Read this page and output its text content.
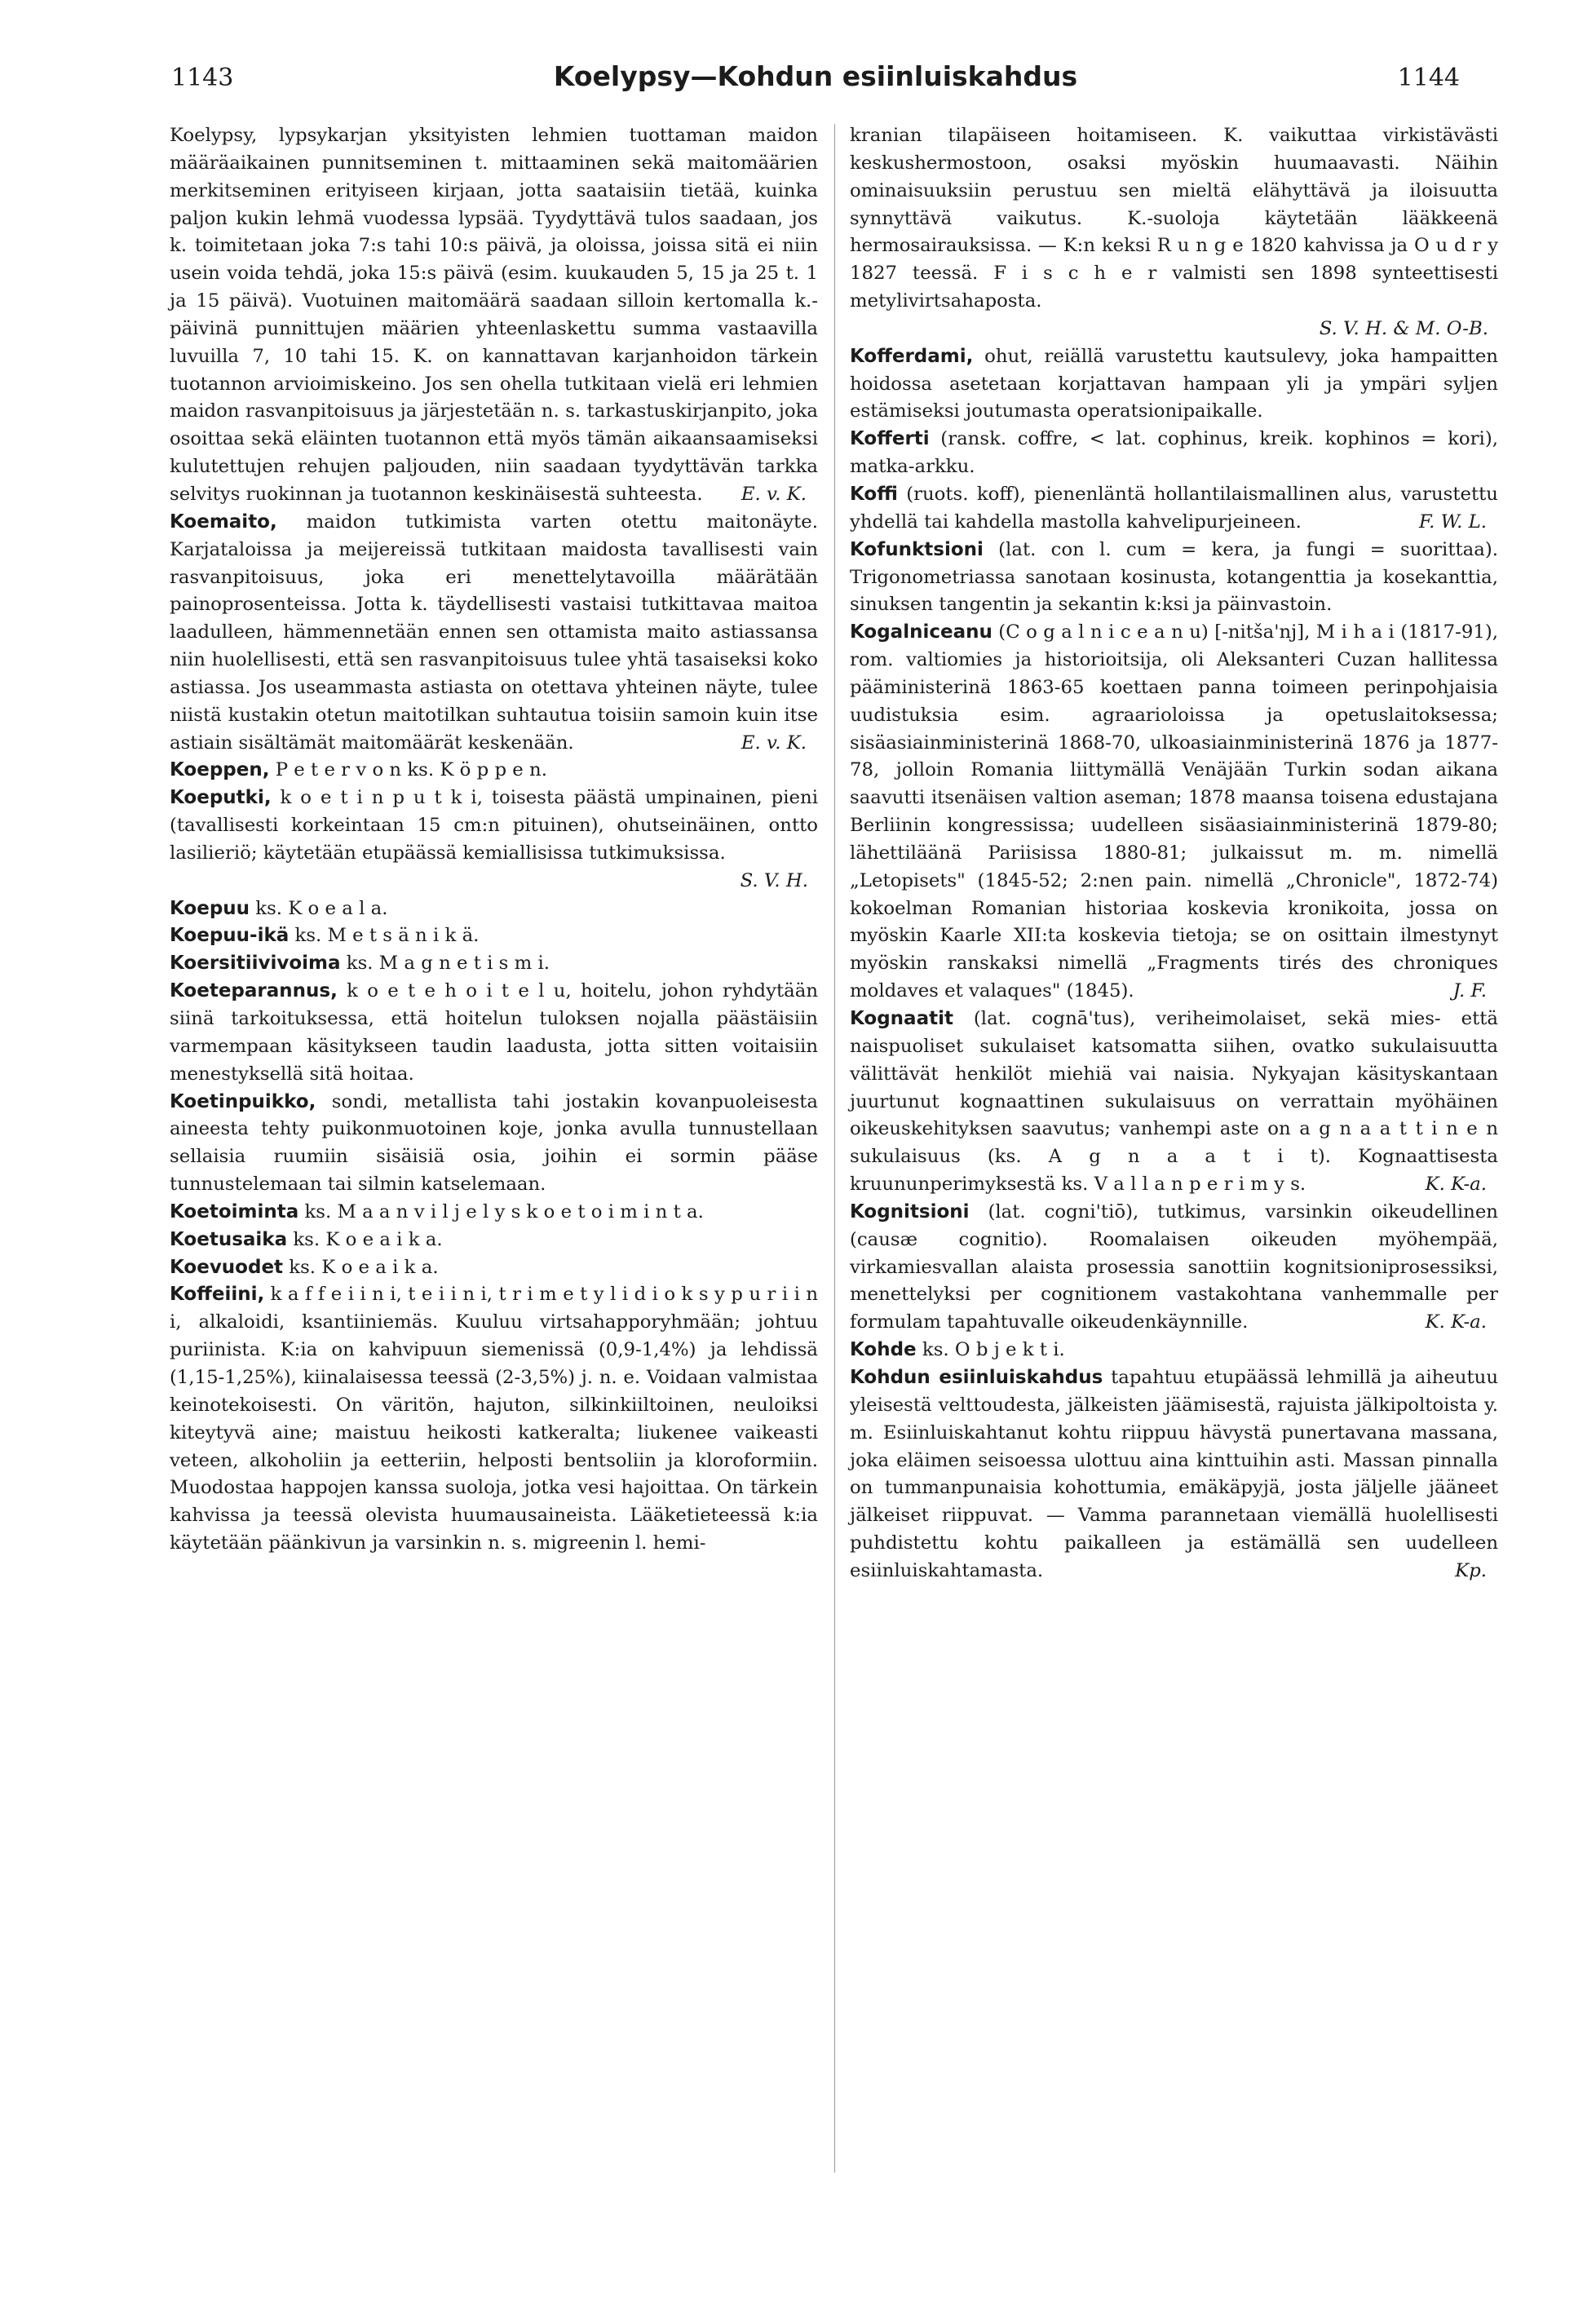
1143	Koelypsy—Kohdun esiinluiskahdus	1144

Koelypsy, lypsykarjan yksityisten lehmien tuottaman maidon määräaikainen punnitseminen t. mittaaminen sekä maitomäärien merkitseminen erityiseen kirjaan, jotta saataisiin tietää, kuinka paljon kukin lehmä vuodessa lypsää. Tyydyttävä tulos saadaan, jos k. toimitetaan joka 7:s tahi 10:s päivä, ja oloissa, joissa sitä ei niin usein voida tehdä, joka 15:s päivä (esim. kuukauden 5, 15 ja 25 t. 1 ja 15 päivä). Vuotuinen maitomäärä saadaan silloin kertomalla k.-päivinä punnittujen määrien yhteenlaskettu summa vastaavilla luvuilla 7, 10 tahi 15. K. on kannattavan karjanhoidon tärkein tuotannon arvioimiskeino. Jos sen ohella tutkitaan vielä eri lehmien maidon rasvanpitoisuus ja järjestetään n. s. tarkastuskirjanpito, joka osoittaa sekä eläinten tuotannon että myös tämän aikaansaamiseksi kulutettujen rehujen paljouden, niin saadaan tyydyttävän tarkka selvitys ruokinnan ja tuotannon keskinäisestä suhteesta. E. v. K.

Koemaito, maidon tutkimista varten otettu maitonäyte. Karjataloissa ja meijereissä tutkitaan maidosta tavallisesti vain rasvanpitoisuus, joka eri menettelytavoilla määrätään painoprosenteissa. Jotta k. täydellisesti vastaisi tutkittavaa maitoa laadulleen, hämmennetään ennen sen ottamista maito astiassansa niin huolellisesti, että sen rasvanpitoisuus tulee yhtä tasaiseksi koko astiassa. Jos useammasta astiasta on otettava yhteinen näyte, tulee niistä kustakin otetun maitotilkan suhtautua toisiin samoin kuin itse astiain sisältämät maitomäärät keskenään.	E. v. K.

Koeppen, P e t e r v o n ks. K ö p p e n.

Koeputki, k o e t i n p u t k i, toisesta päästä umpinainen, pieni (tavallisesti korkeintaan 15 cm:n pituinen), ohutseinäinen, ontto lasilieriö; käytetään etupäässä kemiallisissa tutkimuksissa.
S. V. H.

Koepuu ks. K o e a l a.

Koepuu-ikä ks. M e t s ä n i k ä.

Koersitiivivoima ks. M a g n e t i s m i.

Koeteparannus, k o e t e h o i t e l u, hoitelu, johon ryhdytään siinä tarkoituksessa, että hoitelun tuloksen nojalla päästäisiin varmempaan käsitykseen taudin laadusta, jotta sitten voitaisiin menestyksellä sitä hoitaa.

Koetinpuikko, sondi, metallista tahi jostakin kovanpuoleisesta aineesta tehty puikonmuotoinen koje, jonka avulla tunnustellaan sellaisia ruumiin sisäisiä osia, joihin ei sormin pääse tunnustelemaan tai silmin katselemaan.

Koetoiminta ks. M a a n v i l j e l y s k o e t o i m i n t a.

Koetusaika ks. K o e a i k a.

Koevuodet ks. K o e a i k a.

Koffeiini, k a f f e i i n i, t e i i n i, t r i m e t y l i d i o k s y p u r i i n i, alkaloidi, ksantiiniemäs. Kuuluu virtsahapporyhmään; johtuu puriinista. K:ia on kahvipuun siemenissä (0,9-1,4%) ja lehdissä (1,15-1,25%), kiinalaisessa teessä (2-3,5%) j. n. e. Voidaan valmistaa keinotekoisesti. On väritön, hajuton, silkinkiiltoinen, neuloiksi kiteytyvä aine; maistuu heikosti katkeralta; liukenee vaikeasti veteen, alkoholiin ja eetteriin, helposti bentsoliin ja kloroformiin. Muodostaa happojen kanssa suoloja, jotka vesi hajoittaa. On tärkein kahvissa ja teessä olevista huumausaineista. Lääketieteessä k:ia käytetään päänkivun ja varsinkin n. s. migreenin l. hemi-

kranian tilapäiseen hoitamiseen. K. vaikuttaa virkistävästi keskushermostoon, osaksi myöskin huumaavasti. Näihin ominaisuuksiin perustuu sen mieltä elähyttävä ja iloisuutta synnyttävä vaikutus. K.-suoloja käytetään lääkkeenä hermosairauksissa. — K:n keksi R u n g e 1820 kahvissa ja O u d r y 1827 teessä. F i s c h e r valmisti sen 1898 synteettisesti metylivirtsahaposta.
S. V. H. & M. O-B.

Kofferdami, ohut, reiällä varustettu kautsulevy, joka hampaitten hoidossa asetetaan korjattavan hampaan yli ja ympäri syljen estämiseksi joutumasta operatsionipaikalle.

Kofferti (ransk. coffre, < lat. cophinus, kreik. kophinos = kori), matka-arkku.

Koffi (ruots. koff), pienenläntä hollantilaismallinen alus, varustettu yhdellä tai kahdella mastolla kahvelipurjeineen.	F. W. L.

Kofunktsioni (lat. con l. cum = kera, ja fungi = suorittaa). Trigonometriassa sanotaan kosinusta, kotangenttia ja kosekanttia, sinuksen tangentin ja sekantin k:ksi ja päinvastoin.

Kogalniceanu (C o g a l n i c e a n u) [-nitša'nj], M i h a i (1817-91), rom. valtiomies ja historioitsija, oli Aleksanteri Cuzan hallitessa pääministerinä 1863-65 koettaen panna toimeen perinpohjaisia uudistuksia esim. agraarioloissa ja opetuslaitoksessa; sisäasiainministerinä 1868-70, ulkoasiainministerinä 1876 ja 1877-78, jolloin Romania liittymällä Venäjään Turkin sodan aikana saavutti itsenäisen valtion aseman; 1878 maansa toisena edustajana Berliinin kongressissa; uudelleen sisäasiainministerinä 1879-80; lähettiläänä Pariisissa 1880-81; julkaissut m. m. nimellä „Letopisets" (1845-52; 2:nen pain. nimellä „Chronicle", 1872-74) kokoelman Romanian historiaa koskevia kronikoita, jossa on myöskin Kaarle XII:ta koskevia tietoja; se on osittain ilmestynyt myöskin ranskaksi nimellä „Fragments tirés des chroniques moldaves et valaques" (1845).	J. F.

Kognaatit (lat. cognā'tus), veriheimolaiset, sekä mies- että naispuoliset sukulaiset katsomatta siihen, ovatko sukulaisuutta välittävät henkilöt miehiä vai naisia. Nykyajan käsityskantaan juurtunut kognaattinen sukulaisuus on verrattain myöhäinen oikeuskehityksen saavutus; vanhempi aste on a g n a a t t i n e n sukulaisuus (ks. A g n a a t i t). Kognaattisesta kruununperimyksestä ks. V a l l a n p e r i m y s.	K. K-a.

Kognitsioni (lat. cogni'tiō), tutkimus, varsinkin oikeudellinen (causæ cognitio). Roomalaisen oikeuden myöhempää, virkamiesvallan alaista prosessia sanottiin kognitsioniprosessiksi, menettelyksi per cognitionem vastakohtana vanhemmalle per formulam tapahtuvalle oikeudenkäynnille.	K. K-a.

Kohde ks. O b j e k t i.

Kohdun esiinluiskahdus tapahtuu etupäässä lehmillä ja aiheutuu yleisestä velttoudesta, jälkeisten jäämisestä, rajuista jälkipoltoista y. m. Esiinluiskahtanut kohtu riippuu hävystä punertavana massana, joka eläimen seisoessa ulottuu aina kinttuihin asti. Massan pinnalla on tummanpunaisia kohottumia, emäkäpyjä, josta jäljelle jääneet jälkeiset riippuvat. — Vamma parannetaan viemällä huolellisesti puhdistettu kohtu paikalleen ja estämällä sen uudelleen esiinluiskahtamasta.	Kp.
